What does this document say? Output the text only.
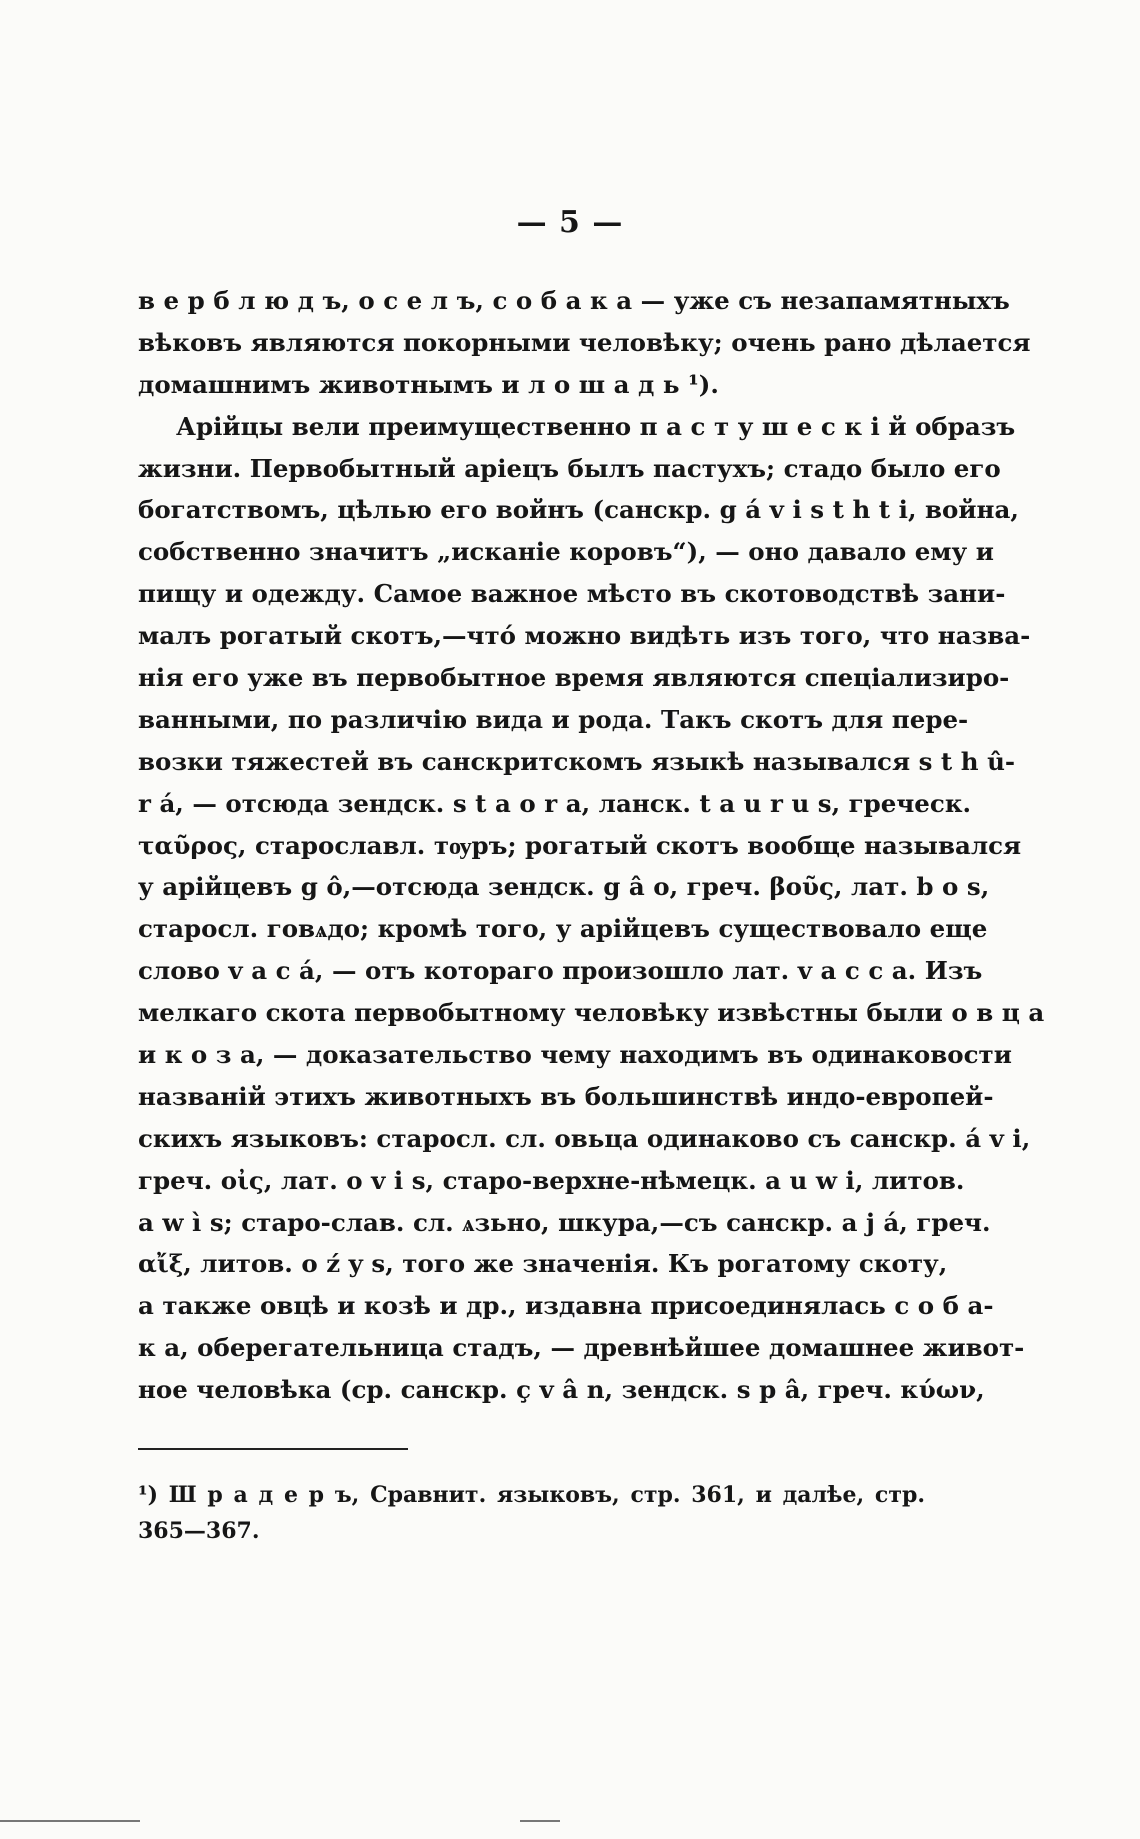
— 5 —
в е р б л ю д ъ, о с е л ъ, с о б а к а — уже съ незапамятныхъ
вѣковъ являются покорными человѣку; очень рано дѣлается
домашнимъ животнымъ и л о ш а д ь ¹).
Арійцы вели преимущественно п а с т у ш е с к і й образъ
жизни. Первобытный аріецъ былъ пастухъ; стадо было его
богатствомъ, цѣлью его войнъ (санскр. g á v i s t h t i, война,
собственно значитъ „исканіе коровъ“), — оно давало ему и
пищу и одежду. Самое важное мѣсто въ скотоводствѣ зани-
малъ рогатый скотъ,—что́ можно видѣть изъ того, что назва-
нія его уже въ первобытное время являются спеціализиро-
ванными, по различію вида и рода. Такъ скотъ для пере-
возки тяжестей въ санскритскомъ языкѣ назывался s t h û-
r á, — отсюда зендск. s t a o r a, ланск. t a u r u s, греческ.
ταῦρος, старославл. тѹръ; рогатый скотъ вообще назывался
у арійцевъ g ô,—отсюда зендск. g â o, греч. βοῦς, лат. b o s,
старосл. говѧдо; кромѣ того, у арійцевъ существовало еще
слово v a c á, — отъ котораго произошло лат. v a c c a. Изъ
мелкаго скота первобытному человѣку извѣстны были о в ц а
и к о з а, — доказательство чему находимъ въ одинаковости
названій этихъ животныхъ въ большинствѣ индо-европей-
скихъ языковъ: старосл. сл. овьца одинаково съ санскр. á v i,
греч. οἰς, лат. o v i s, старо-верхне-нѣмецк. a u w i, литов.
a w ì s; старо-слав. сл. ѧзьно, шкура,—съ санскр. a j á, греч.
αἴξ, литов. o ź y s, того же значенія. Къ рогатому скоту,
а также овцѣ и козѣ и др., издавна присоединялась с о б а-
к а, оберегательница стадъ, — древнѣйшее домашнее живот-
ное человѣка (ср. санскр. ç v â n, зендск. s p â, греч. κύων,
¹) Ш р а д е р ъ, Сравнит. языковъ, стр. 361, и далѣе, стр.
365—367.
